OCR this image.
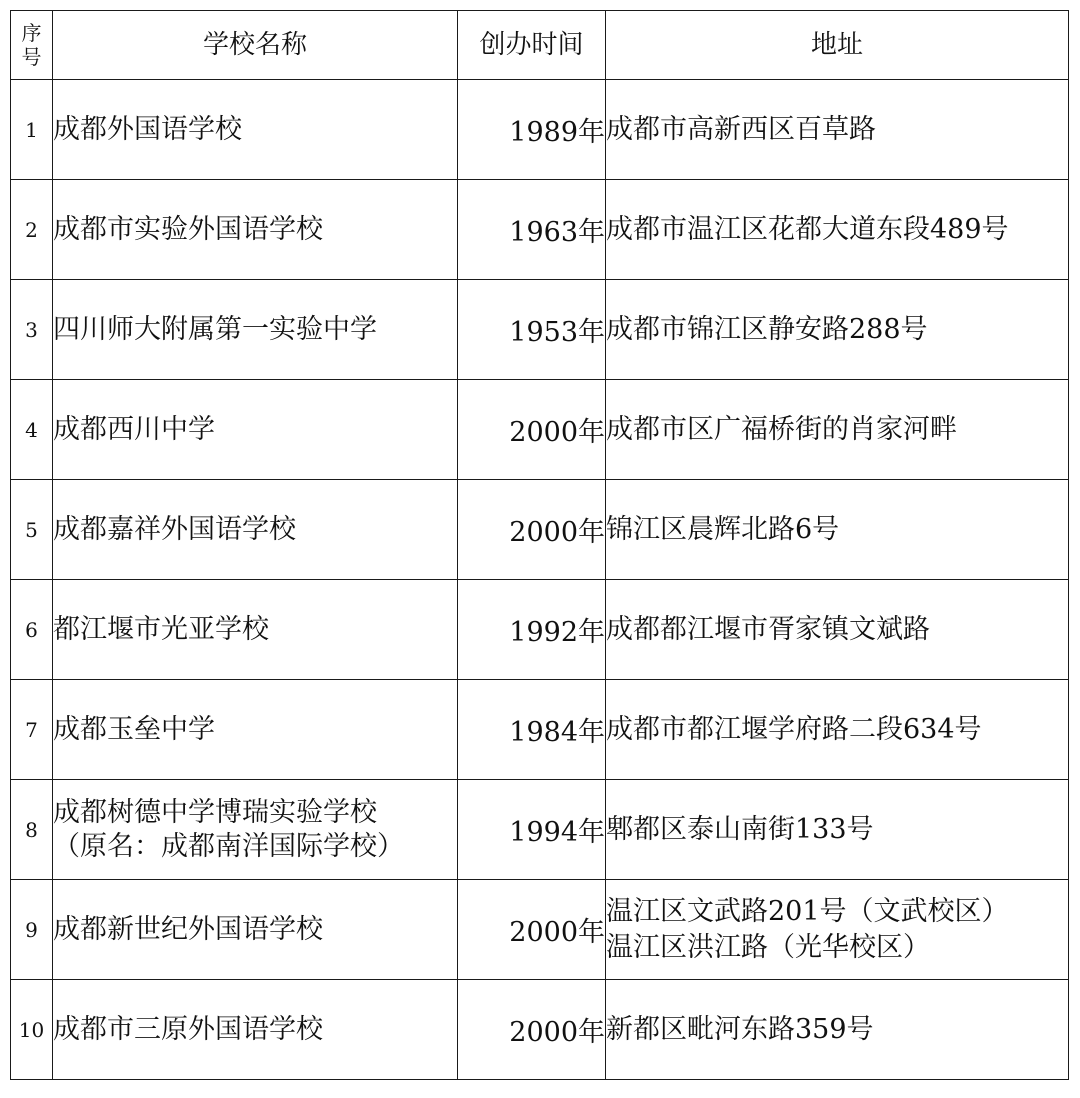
序
号	学校名称	创办时间	地址
1	成都外国语学校	1989年	成都市高新西区百草路

2	成都市实验外国语学校	1963年	成都市温江区花都大道东段489号

3	四川师大附属第一实验中学	1953年	成都市锦江区静安路288号

4	成都西川中学	2000年	成都市区广福桥街的肖家河畔

5	成都嘉祥外国语学校	2000年	锦江区晨辉北路6号

6	都江堰市光亚学校	1992年	成都都江堰市胥家镇文斌路

7	成都玉垒中学	1984年	成都市都江堰学府路二段634号

8	成都树德中学博瑞实验学校
（原名：成都南洋国际学校）	1994年	郫都区泰山南街133号

9	成都新世纪外国语学校	2000年	温江区文武路201号（文武校区）
温江区洪江路（光华校区）

10	成都市三原外国语学校	2000年	新都区毗河东路359号
